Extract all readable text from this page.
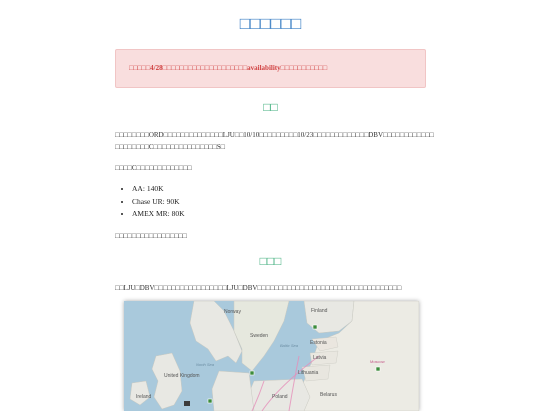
□□□□□□
□□□□□4/28□□□□□□□□□□□□□□□□□□□□availability□□□□□□□□□□□
□□

□□□□□□□□ORD□□□□□□□□□□□□□□LJU□□10/10□□□□□□□□□10/23□□□□□□□□□□□□□DBV□□□□□□□□□□□□
□□□□□□□□C□□□□□□□□□□□□□□□S□

□□□□C□□□□□□□□□□□□□

• AA: 140K
• Chase UR: 90K
• AMEX MR: 80K

□□□□□□□□□□□□□□□□□

□□□

□□LJU□DBV□□□□□□□□□□□□□□□□□LJU□DBV□□□□□□□□□□□□□□□□□□□□□□□□□□□□□□□□□□

Norway	Finland
Sweden
Estonia
Latvia
Lithuania
United Kingdom
Ireland	Poland	Belarus
North Sea
Baltic Sea
Moscow
